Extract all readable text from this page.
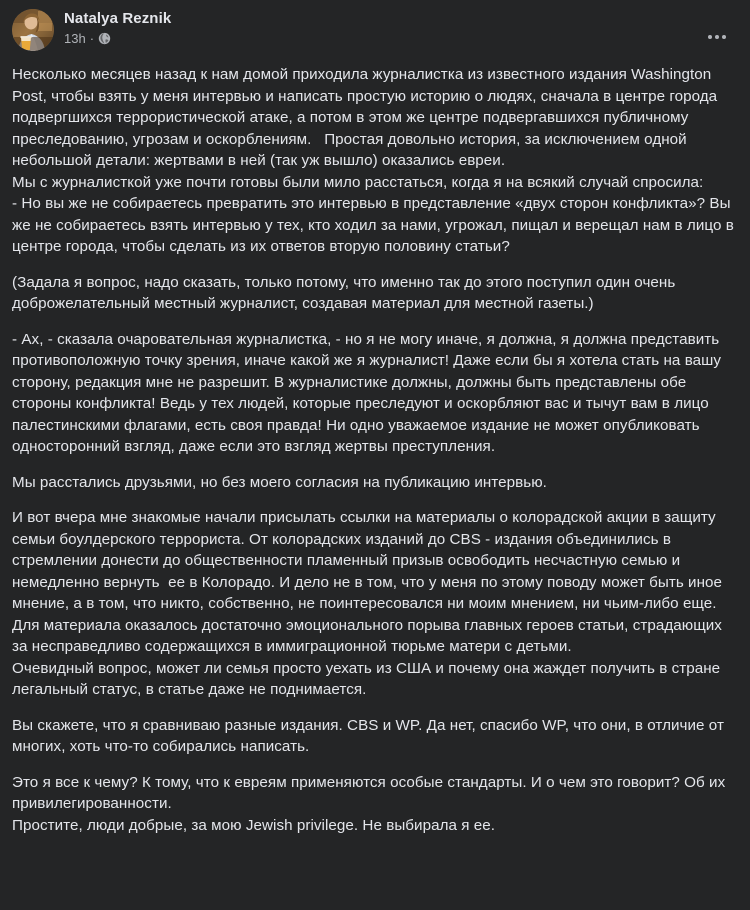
Natalya Reznik
13h ·

Несколько месяцев назад к нам домой приходила журналистка из известного издания Washington Post, чтобы взять у меня интервью и написать простую историю о людях, сначала в центре города подвергшихся террористической атаке, а потом в этом же центре подвергавшихся публичному преследованию, угрозам и оскорблениям.   Простая довольно история, за исключением одной небольшой детали: жертвами в ней (так уж вышло) оказались евреи.

Мы с журналисткой уже почти готовы были мило расстаться, когда я на всякий случай спросила:

- Но вы же не собираетесь превратить это интервью в представление «двух сторон конфликта»? Вы же не собираетесь взять интервью у тех, кто ходил за нами, угрожал, пищал и верещал нам в лицо в центре города, чтобы сделать из их ответов вторую половину статьи?

(Задала я вопрос, надо сказать, только потому, что именно так до этого поступил один очень доброжелательный местный журналист, создавая материал для местной газеты.)

- Ах, - сказала очаровательная журналистка, - но я не могу иначе, я должна, я должна представить противоположную точку зрения, иначе какой же я журналист! Даже если бы я хотела стать на вашу сторону, редакция мне не разрешит. В журналистике должны, должны быть представлены обе стороны конфликта! Ведь у тех людей, которые преследуют и оскорбляют вас и тычут вам в лицо палестинскими флагами, есть своя правда! Ни одно уважаемое издание не может опубликовать односторонний взгляд, даже если это взгляд жертвы преступления.

Мы расстались друзьями, но без моего согласия на публикацию интервью.

И вот вчера мне знакомые начали присылать ссылки на материалы о колорадской акции в защиту семьи боулдерского террориста. От колорадских изданий до CBS - издания объединились в стремлении донести до общественности пламенный призыв освободить несчастную семью и немедленно вернуть  ее в Колорадо. И дело не в том, что у меня по этому поводу может быть иное мнение, а в том, что никто, собственно, не поинтересовался ни моим мнением, ни чьим-либо еще. Для материала оказалось достаточно эмоционального порыва главных героев статьи, страдающих за несправедливо содержащихся в иммиграционной тюрьме матери с детьми.

Очевидный вопрос, может ли семья просто уехать из США и почему она жаждет получить в стране легальный статус, в статье даже не поднимается.

Вы скажете, что я сравниваю разные издания. CBS и WP. Да нет, спасибо WP, что они, в отличие от многих, хоть что-то собирались написать.

Это я все к чему? К тому, что к евреям применяются особые стандарты. И о чем это говорит? Об их привилегированности.

Простите, люди добрые, за мою Jewish privilege. Не выбирала я ее.
